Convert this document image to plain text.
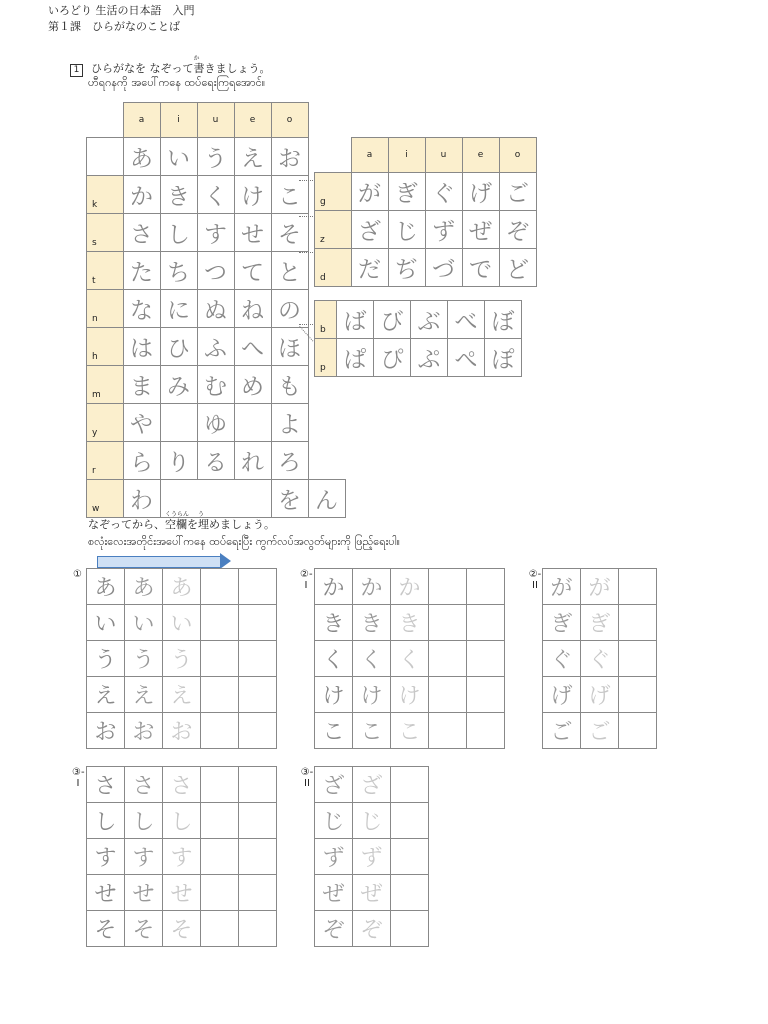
いろどり 生活の日本語　入門
第１課　ひらがなのことば
1 ひらがなを なぞって
か
書きましょう。
ဟီရဂနကို အပေါ်ကနေ ထပ်ရေးကြရအောင်။
	a	i	u	e	o	
	あ	い	う	え	お	
k	か	き	く	け	こ	
s	さ	し	す	せ	そ	
t	た	ち	つ	て	と	
n	な	に	ぬ	ね	の	
h	は	ひ	ふ	へ	ほ	
m	ま	み	む	め	も	
y	や		ゆ		よ	
r	ら	り	る	れ	ろ	
w	わ				を	ん
	a	i	u	e	o
g	が	ぎ	ぐ	げ	ご
z	ざ	じ	ず	ぜ	ぞ
d	だ	ぢ	づ	で	ど
b	ば	び	ぶ	べ	ぼ
p	ぱ	ぴ	ぷ	ぺ	ぽ
なぞってから、
くうらん
空欄を
う
埋めましょう。
စလုံးလေးအတိုင်းအပေါ်ကနေ ထပ်ရေးပြီး ကွက်လပ်အလွတ်များကို ဖြည့်ရေးပါ။
①
あ	あ	あ		
い	い	い		
う	う	う		
え	え	え		
お	お	お		
②-I か	か	か		
き	き	き		
く	く	く		
け	け	け		
こ	こ	こ		
②-II が	が	
ぎ	ぎ	
ぐ	ぐ	
げ	げ	
ご	ご	
③-I さ	さ	さ		
し	し	し		
す	す	す		
せ	せ	せ		
そ	そ	そ		
③-II ざ	ざ	
じ	じ	
ず	ず	
ぜ	ぜ	
ぞ	ぞ	
